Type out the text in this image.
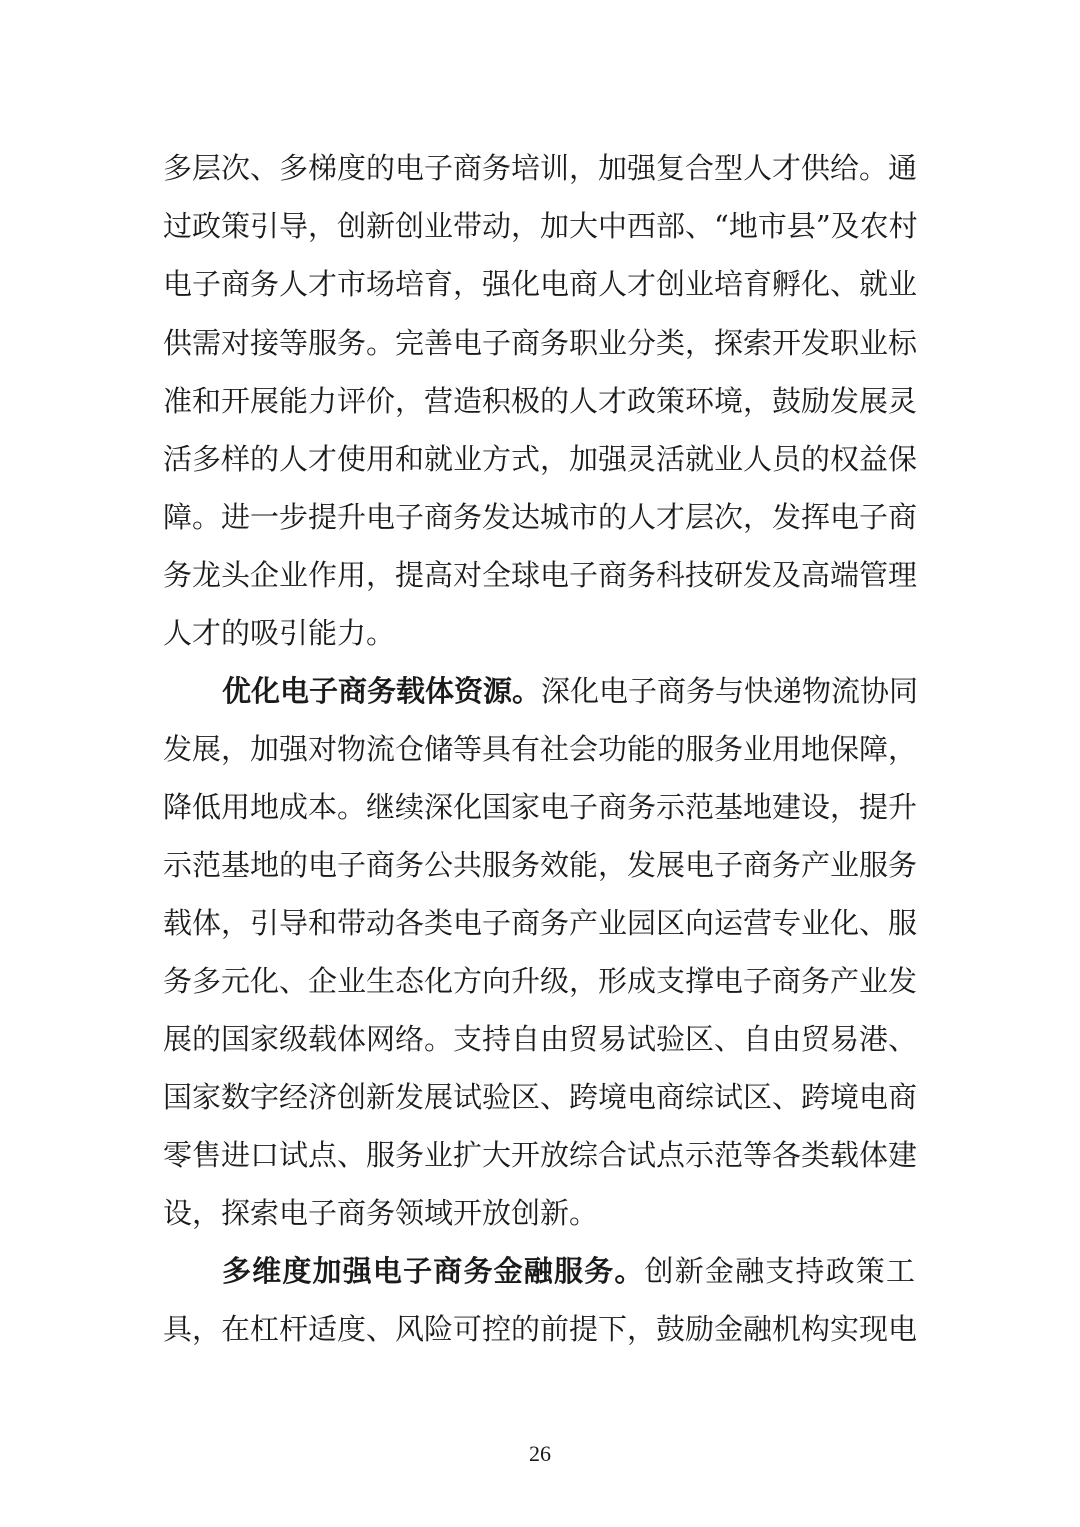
多层次、多梯度的电子商务培训，加强复合型人才供给。通
过政策引导，创新创业带动，加大中西部、“地市县”及农村
电子商务人才市场培育，强化电商人才创业培育孵化、就业
供需对接等服务。完善电子商务职业分类，探索开发职业标
准和开展能力评价，营造积极的人才政策环境，鼓励发展灵
活多样的人才使用和就业方式，加强灵活就业人员的权益保
障。进一步提升电子商务发达城市的人才层次，发挥电子商
务龙头企业作用，提高对全球电子商务科技研发及高端管理
人才的吸引能力。
优化电子商务载体资源。深化电子商务与快递物流协同
发展，加强对物流仓储等具有社会功能的服务业用地保障，
降低用地成本。继续深化国家电子商务示范基地建设，提升
示范基地的电子商务公共服务效能，发展电子商务产业服务
载体，引导和带动各类电子商务产业园区向运营专业化、服
务多元化、企业生态化方向升级，形成支撑电子商务产业发
展的国家级载体网络。支持自由贸易试验区、自由贸易港、
国家数字经济创新发展试验区、跨境电商综试区、跨境电商
零售进口试点、服务业扩大开放综合试点示范等各类载体建
设，探索电子商务领域开放创新。
多维度加强电子商务金融服务。创新金融支持政策工
具，在杠杆适度、风险可控的前提下，鼓励金融机构实现电
26
